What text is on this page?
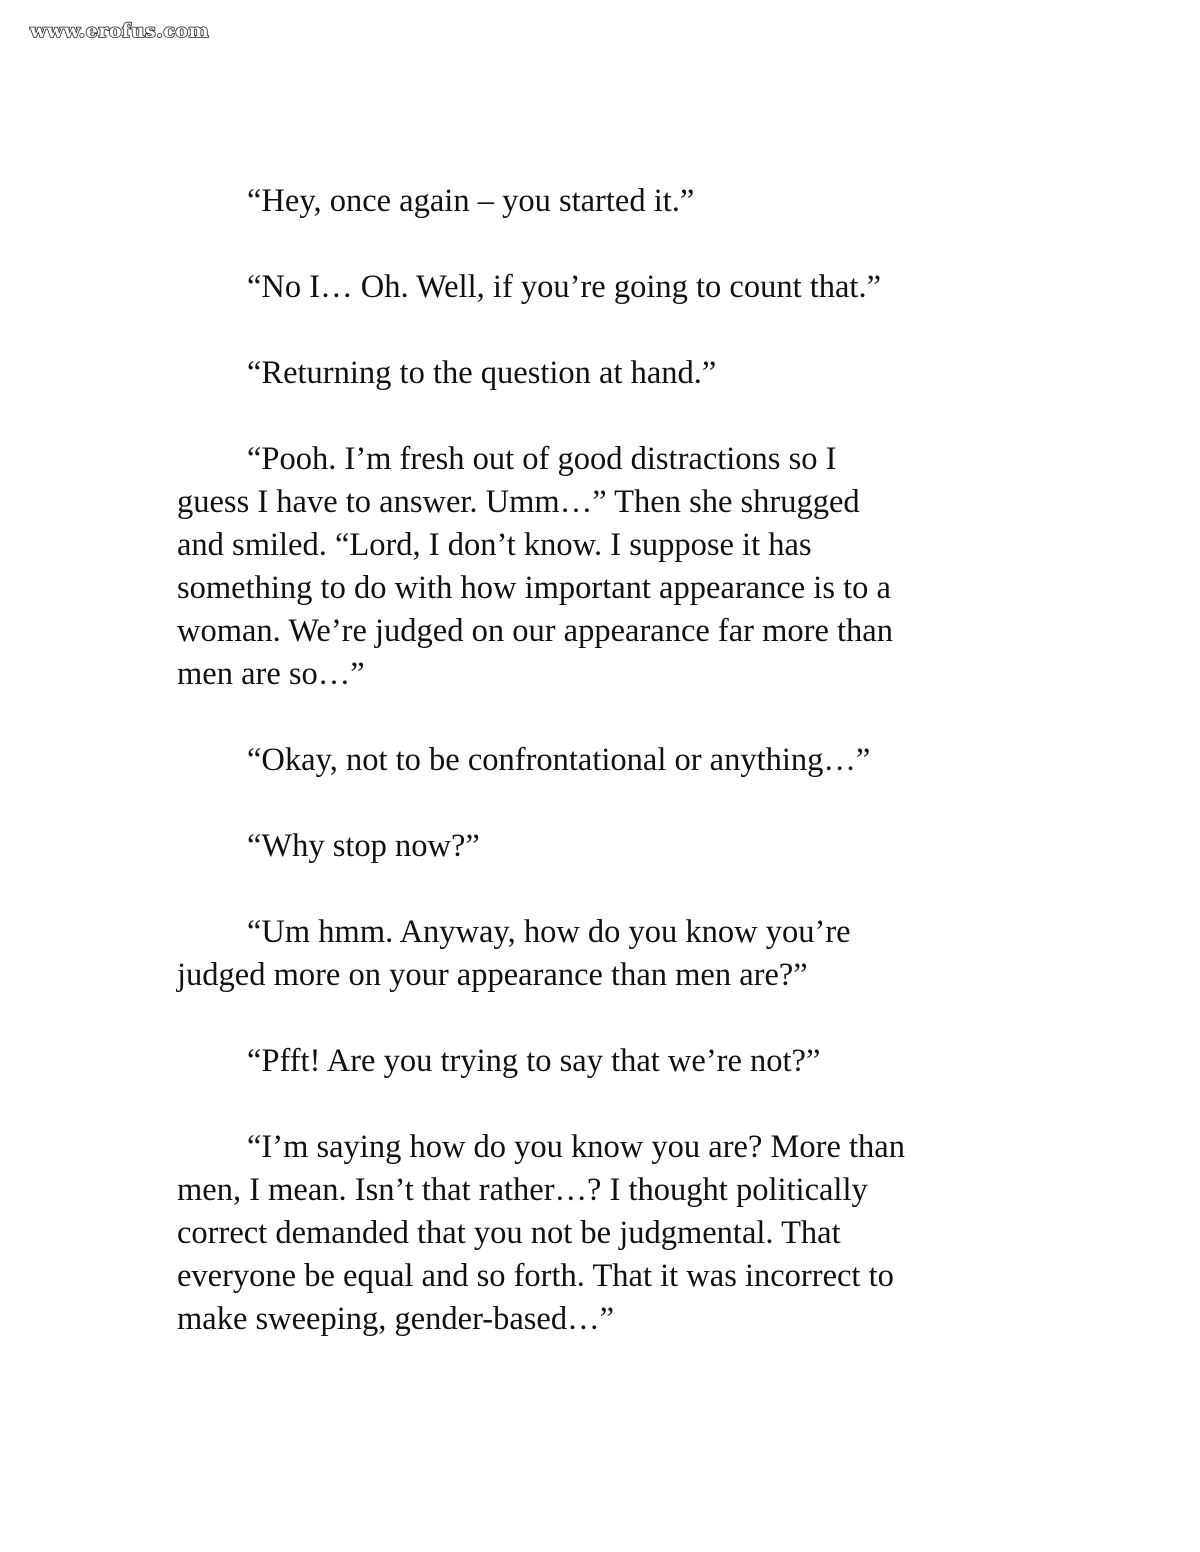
www.erofus.com
“Hey, once again – you started it.”
“No I… Oh. Well, if you’re going to count that.”
“Returning to the question at hand.”
“Pooh. I’m fresh out of good distractions so I
guess I have to answer. Umm…” Then she shrugged
and smiled. “Lord, I don’t know. I suppose it has
something to do with how important appearance is to a
woman. We’re judged on our appearance far more than
men are so…”
“Okay, not to be confrontational or anything…”
“Why stop now?”
“Um hmm. Anyway, how do you know you’re
judged more on your appearance than men are?”
“Pfft! Are you trying to say that we’re not?”
“I’m saying how do you know you are? More than
men, I mean. Isn’t that rather…? I thought politically
correct demanded that you not be judgmental. That
everyone be equal and so forth. That it was incorrect to
make sweeping, gender-based…”
